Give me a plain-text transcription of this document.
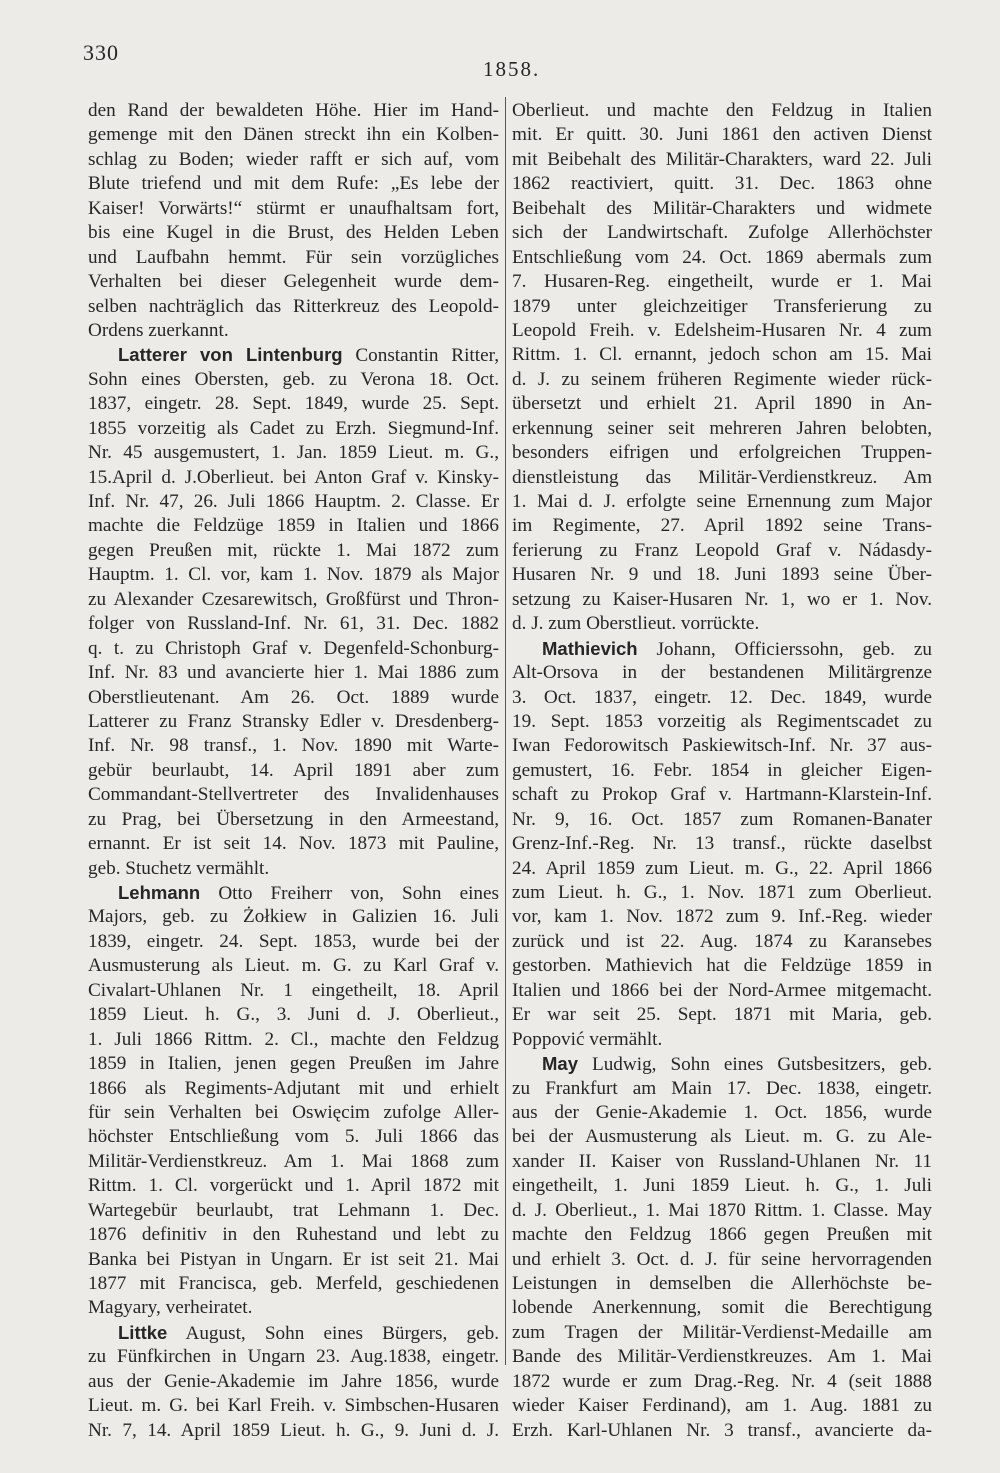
330
1858.
den Rand der bewaldeten Höhe. Hier im Hand-
gemenge mit den Dänen streckt ihn ein Kolben-
schlag zu Boden; wieder rafft er sich auf, vom
Blute triefend und mit dem Rufe: „Es lebe der
Kaiser! Vorwärts!“ stürmt er unaufhaltsam fort,
bis eine Kugel in die Brust, des Helden Leben
und Laufbahn hemmt. Für sein vorzügliches
Verhalten bei dieser Gelegenheit wurde dem-
selben nachträglich das Ritterkreuz des Leopold-
Ordens zuerkannt.
Latterer von Lintenburg Constantin Ritter,
Sohn eines Obersten, geb. zu Verona 18. Oct.
1837, eingetr. 28. Sept. 1849, wurde 25. Sept.
1855 vorzeitig als Cadet zu Erzh. Siegmund-Inf.
Nr. 45 ausgemustert, 1. Jan. 1859 Lieut. m. G.,
15.April d. J.Oberlieut. bei Anton Graf v. Kinsky-
Inf. Nr. 47, 26. Juli 1866 Hauptm. 2. Classe. Er
machte die Feldzüge 1859 in Italien und 1866
gegen Preußen mit, rückte 1. Mai 1872 zum
Hauptm. 1. Cl. vor, kam 1. Nov. 1879 als Major
zu Alexander Czesarewitsch, Großfürst und Thron-
folger von Russland-Inf. Nr. 61, 31. Dec. 1882
q. t. zu Christoph Graf v. Degenfeld-Schonburg-
Inf. Nr. 83 und avancierte hier 1. Mai 1886 zum
Oberstlieutenant. Am 26. Oct. 1889 wurde
Latterer zu Franz Stransky Edler v. Dresdenberg-
Inf. Nr. 98 transf., 1. Nov. 1890 mit Warte-
gebür beurlaubt, 14. April 1891 aber zum
Commandant-Stellvertreter des Invalidenhauses
zu Prag, bei Übersetzung in den Armeestand,
ernannt. Er ist seit 14. Nov. 1873 mit Pauline,
geb. Stuchetz vermählt.
Lehmann Otto Freiherr von, Sohn eines
Majors, geb. zu Żołkiew in Galizien 16. Juli
1839, eingetr. 24. Sept. 1853, wurde bei der
Ausmusterung als Lieut. m. G. zu Karl Graf v.
Civalart-Uhlanen Nr. 1 eingetheilt, 18. April
1859 Lieut. h. G., 3. Juni d. J. Oberlieut.,
1. Juli 1866 Rittm. 2. Cl., machte den Feldzug
1859 in Italien, jenen gegen Preußen im Jahre
1866 als Regiments-Adjutant mit und erhielt
für sein Verhalten bei Oswięcim zufolge Aller-
höchster Entschließung vom 5. Juli 1866 das
Militär-Verdienstkreuz. Am 1. Mai 1868 zum
Rittm. 1. Cl. vorgerückt und 1. April 1872 mit
Wartegebür beurlaubt, trat Lehmann 1. Dec.
1876 definitiv in den Ruhestand und lebt zu
Banka bei Pistyan in Ungarn. Er ist seit 21. Mai
1877 mit Francisca, geb. Merfeld, geschiedenen
Magyary, verheiratet.
Littke August, Sohn eines Bürgers, geb.
zu Fünfkirchen in Ungarn 23. Aug.1838, eingetr.
aus der Genie-Akademie im Jahre 1856, wurde
Lieut. m. G. bei Karl Freih. v. Simbschen-Husaren
Nr. 7, 14. April 1859 Lieut. h. G., 9. Juni d. J.
Oberlieut. und machte den Feldzug in Italien
mit. Er quitt. 30. Juni 1861 den activen Dienst
mit Beibehalt des Militär-Charakters, ward 22. Juli
1862 reactiviert, quitt. 31. Dec. 1863 ohne
Beibehalt des Militär-Charakters und widmete
sich der Landwirtschaft. Zufolge Allerhöchster
Entschließung vom 24. Oct. 1869 abermals zum
7. Husaren-Reg. eingetheilt, wurde er 1. Mai
1879 unter gleichzeitiger Transferierung zu
Leopold Freih. v. Edelsheim-Husaren Nr. 4 zum
Rittm. 1. Cl. ernannt, jedoch schon am 15. Mai
d. J. zu seinem früheren Regimente wieder rück-
übersetzt und erhielt 21. April 1890 in An-
erkennung seiner seit mehreren Jahren belobten,
besonders eifrigen und erfolgreichen Truppen-
dienstleistung das Militär-Verdienstkreuz. Am
1. Mai d. J. erfolgte seine Ernennung zum Major
im Regimente, 27. April 1892 seine Trans-
ferierung zu Franz Leopold Graf v. Nádasdy-
Husaren Nr. 9 und 18. Juni 1893 seine Über-
setzung zu Kaiser-Husaren Nr. 1, wo er 1. Nov.
d. J. zum Oberstlieut. vorrückte.
Mathievich Johann, Officierssohn, geb. zu
Alt-Orsova in der bestandenen Militärgrenze
3. Oct. 1837, eingetr. 12. Dec. 1849, wurde
19. Sept. 1853 vorzeitig als Regimentscadet zu
Iwan Fedorowitsch Paskiewitsch-Inf. Nr. 37 aus-
gemustert, 16. Febr. 1854 in gleicher Eigen-
schaft zu Prokop Graf v. Hartmann-Klarstein-Inf.
Nr. 9, 16. Oct. 1857 zum Romanen-Banater
Grenz-Inf.-Reg. Nr. 13 transf., rückte daselbst
24. April 1859 zum Lieut. m. G., 22. April 1866
zum Lieut. h. G., 1. Nov. 1871 zum Oberlieut.
vor, kam 1. Nov. 1872 zum 9. Inf.-Reg. wieder
zurück und ist 22. Aug. 1874 zu Karansebes
gestorben. Mathievich hat die Feldzüge 1859 in
Italien und 1866 bei der Nord-Armee mitgemacht.
Er war seit 25. Sept. 1871 mit Maria, geb.
Poppović vermählt.
May Ludwig, Sohn eines Gutsbesitzers, geb.
zu Frankfurt am Main 17. Dec. 1838, eingetr.
aus der Genie-Akademie 1. Oct. 1856, wurde
bei der Ausmusterung als Lieut. m. G. zu Ale-
xander II. Kaiser von Russland-Uhlanen Nr. 11
eingetheilt, 1. Juni 1859 Lieut. h. G., 1. Juli
d. J. Oberlieut., 1. Mai 1870 Rittm. 1. Classe. May
machte den Feldzug 1866 gegen Preußen mit
und erhielt 3. Oct. d. J. für seine hervorragenden
Leistungen in demselben die Allerhöchste be-
lobende Anerkennung, somit die Berechtigung
zum Tragen der Militär-Verdienst-Medaille am
Bande des Militär-Verdienstkreuzes. Am 1. Mai
1872 wurde er zum Drag.-Reg. Nr. 4 (seit 1888
wieder Kaiser Ferdinand), am 1. Aug. 1881 zu
Erzh. Karl-Uhlanen Nr. 3 transf., avancierte da-
